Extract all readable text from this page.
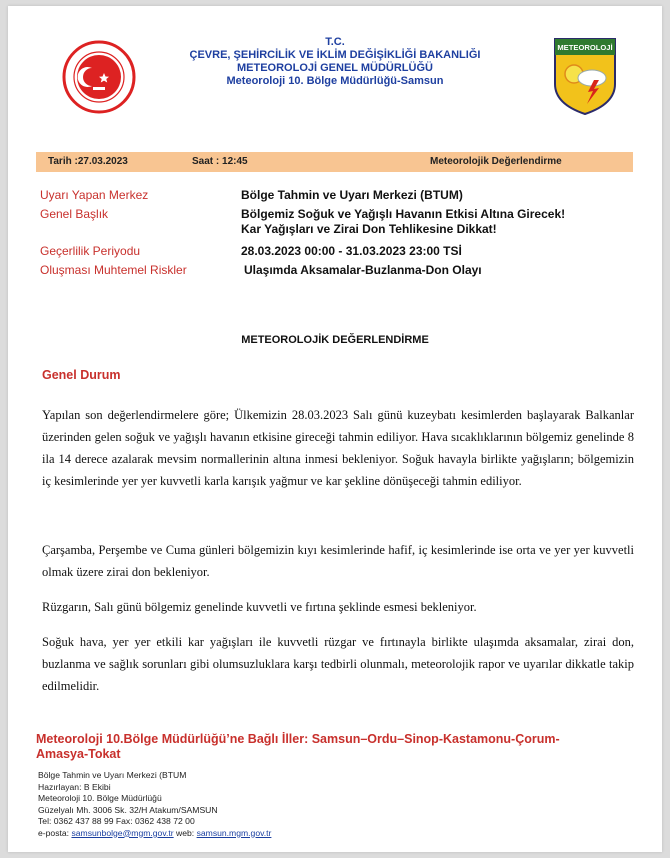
T.C.
ÇEVRE, ŞEHİRCİLİK VE İKLİM DEĞİŞİKLİĞİ BAKANLIĞI
METEOROLOJİ GENEL MÜDÜRLÜĞÜ
Meteoroloji 10. Bölge Müdürlüğü-Samsun
METEOROLOJİ
Tarih :27.03.2023	Saat : 12:45	Meteorolojik Değerlendirme
Uyarı Yapan Merkez	Bölge Tahmin ve Uyarı Merkezi (BTUM)
Genel Başlık	Bölgemiz Soğuk ve Yağışlı Havanın Etkisi Altına Girecek!
Kar Yağışları ve Zirai Don Tehlikesine Dikkat!
Geçerlilik Periyodu	28.03.2023 00:00 - 31.03.2023 23:00 TSİ
Oluşması Muhtemel Riskler	Ulaşımda Aksamalar-Buzlanma-Don Olayı
METEOROLOJİK DEĞERLENDİRME
Genel Durum
Yapılan son değerlendirmelere göre; Ülkemizin 28.03.2023 Salı günü kuzeybatı kesimlerden başlayarak Balkanlar üzerinden gelen soğuk ve yağışlı havanın etkisine gireceği tahmin ediliyor. Hava sıcaklıklarının bölgemiz genelinde 8 ila 14 derece azalarak mevsim normallerinin altına inmesi bekleniyor. Soğuk havayla birlikte yağışların; bölgemizin iç kesimlerinde yer yer kuvvetli karla karışık yağmur ve kar şekline dönüşeceği tahmin ediliyor.
Çarşamba, Perşembe ve Cuma günleri bölgemizin kıyı kesimlerinde hafif, iç kesimlerinde ise orta ve yer yer kuvvetli olmak üzere zirai don bekleniyor.
Rüzgarın, Salı günü bölgemiz genelinde kuvvetli ve fırtına şeklinde esmesi bekleniyor.
Soğuk hava, yer yer etkili kar yağışları ile kuvvetli rüzgar ve fırtınayla birlikte ulaşımda aksamalar, zirai don, buzlanma ve sağlık sorunları gibi olumsuzluklara karşı tedbirli olunmalı, meteorolojik rapor ve uyarılar dikkatle takip edilmelidir.
Meteoroloji 10.Bölge Müdürlüğü’ne Bağlı İller: Samsun–Ordu–Sinop-Kastamonu-Çorum-
Amasya-Tokat
Bölge Tahmin ve Uyarı Merkezi (BTUM
Hazırlayan: B Ekibi
Meteoroloji 10. Bölge Müdürlüğü
Güzelyalı Mh. 3006 Sk. 32/H Atakum/SAMSUN
Tel: 0362 437 88 99 Fax: 0362 438 72 00
e-posta: samsunbolge@mgm.gov.tr web: samsun.mgm.gov.tr
